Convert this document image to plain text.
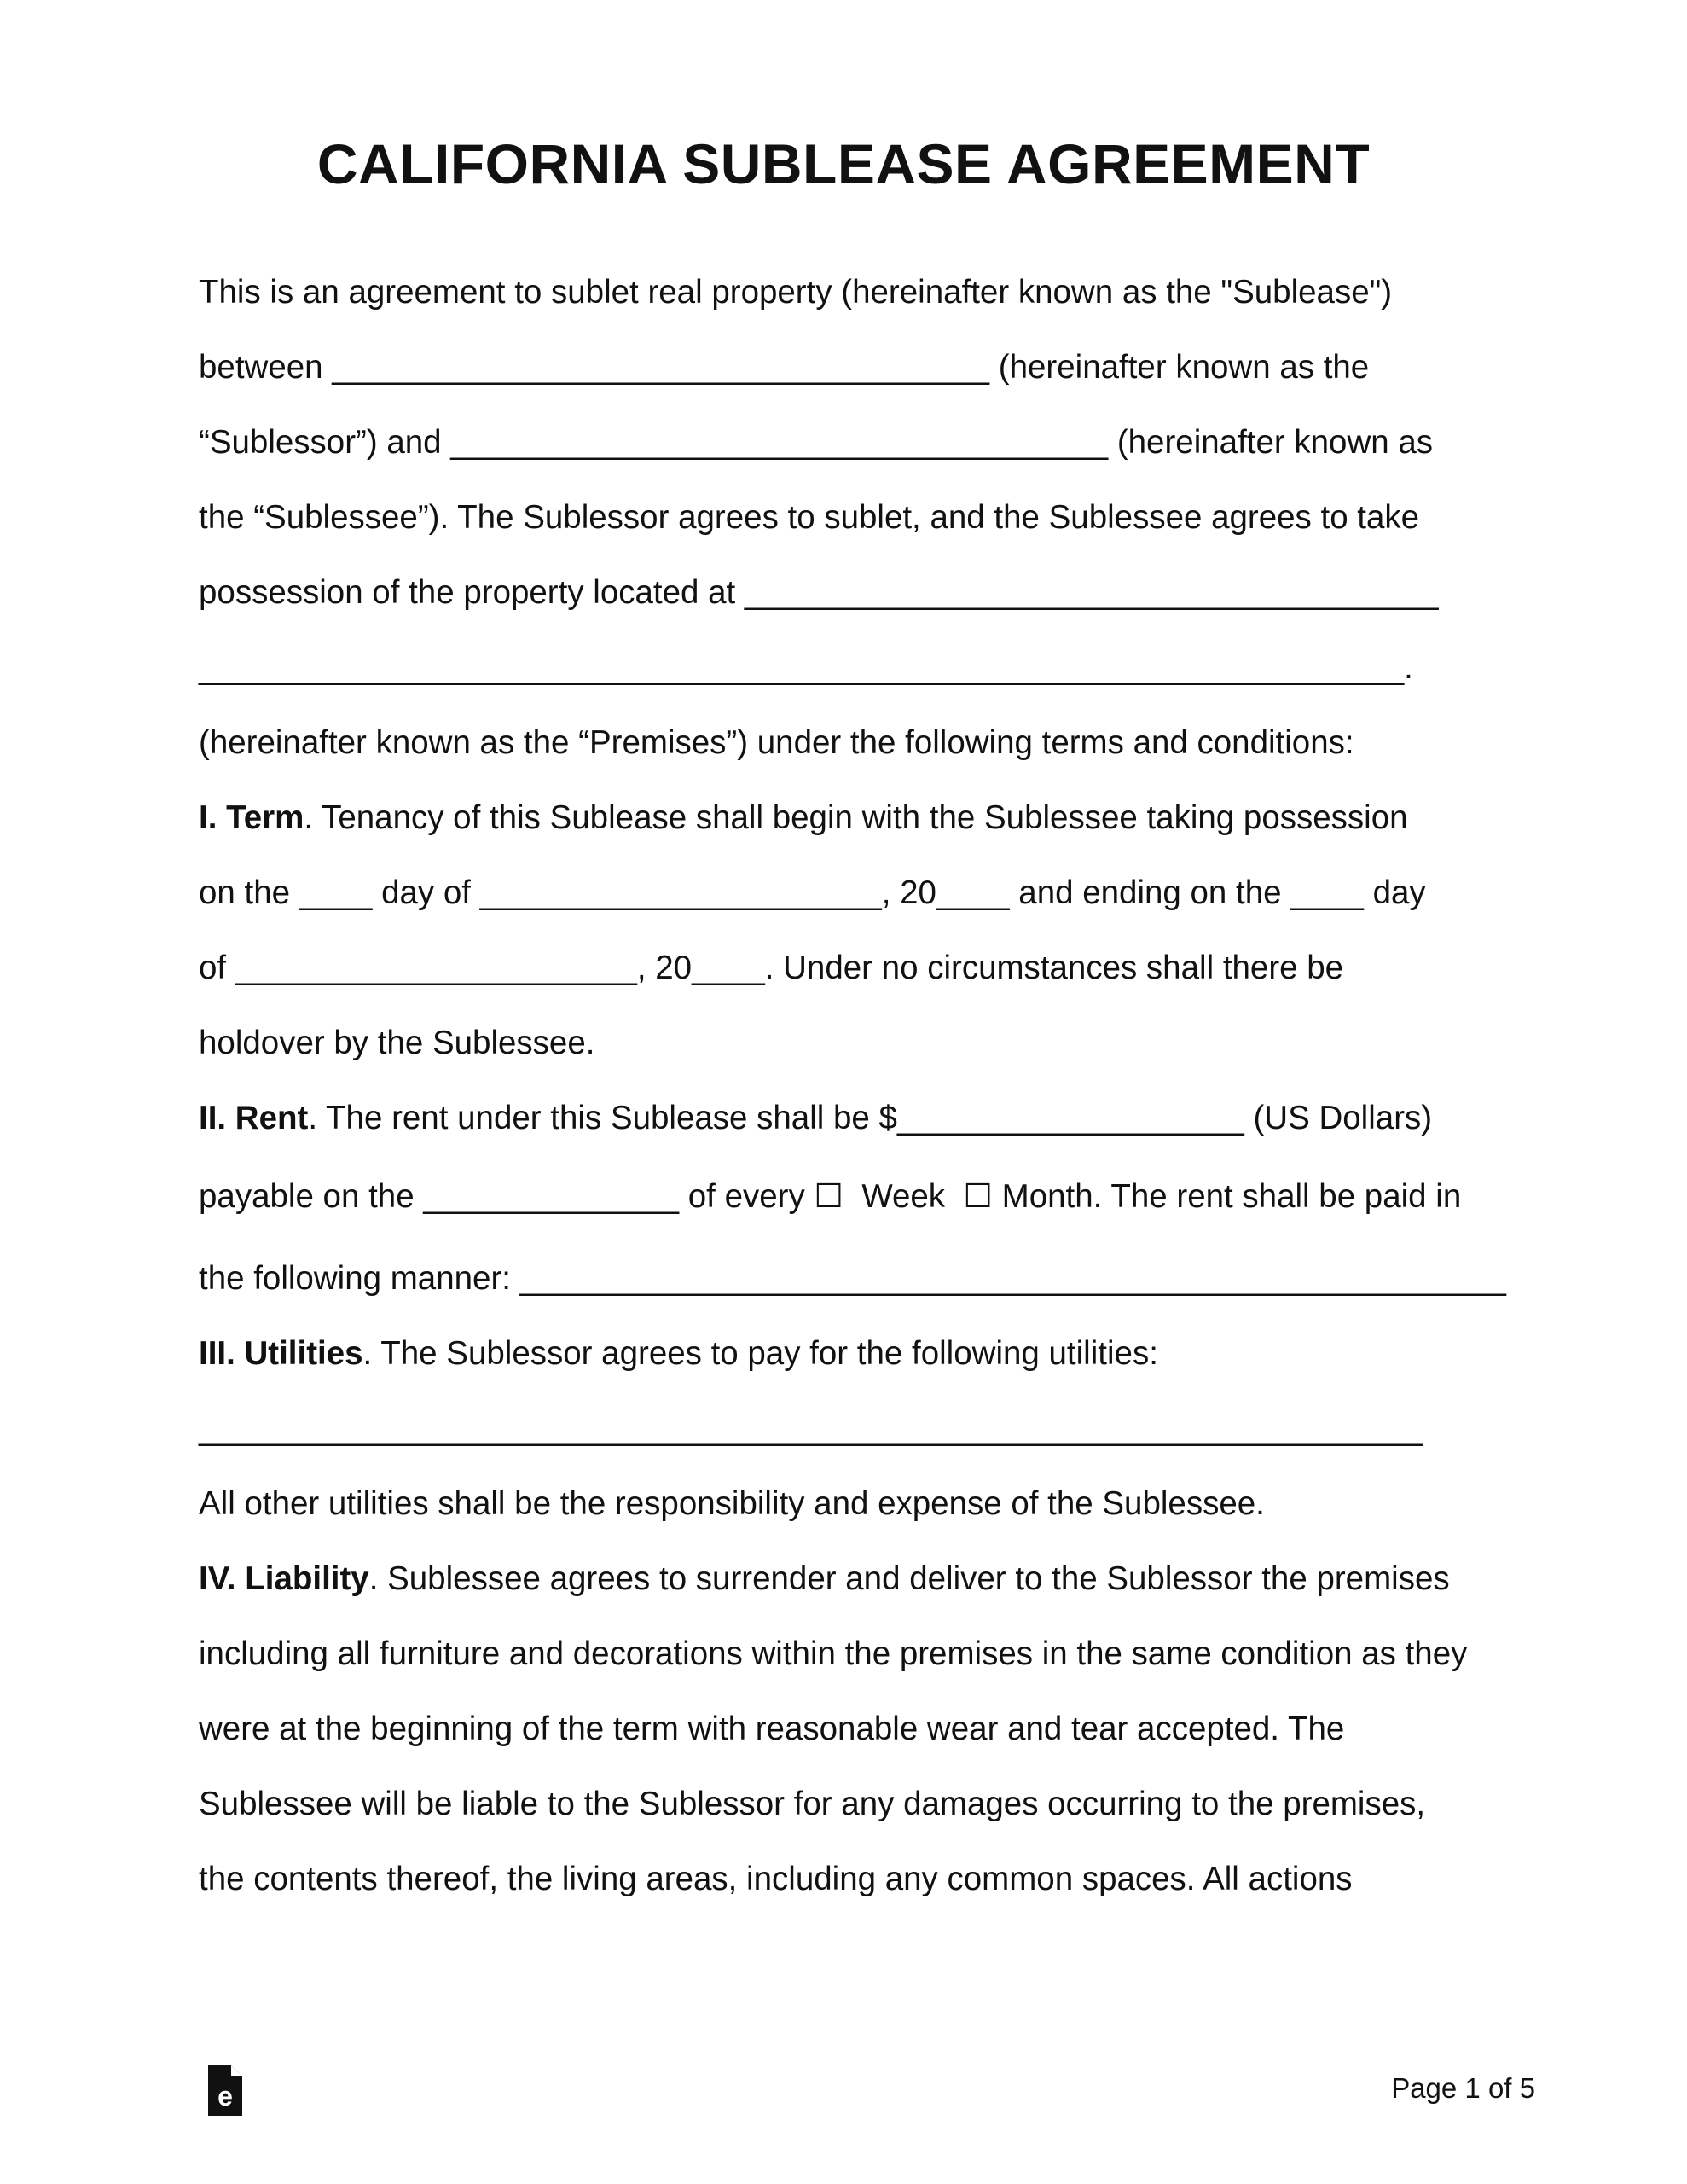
CALIFORNIA SUBLEASE AGREEMENT
This is an agreement to sublet real property (hereinafter known as the "Sublease")
between ____________________________________ (hereinafter known as the
“Sublessor”) and ____________________________________ (hereinafter known as
the “Sublessee”). The Sublessor agrees to sublet, and the Sublessee agrees to take
possession of the property located at ______________________________________
__________________________________________________________________.
(hereinafter known as the “Premises”) under the following terms and conditions:
I. Term. Tenancy of this Sublease shall begin with the Sublessee taking possession
on the ____ day of ______________________, 20____ and ending on the ____ day
of ______________________, 20____. Under no circumstances shall there be
holdover by the Sublessee.
II. Rent. The rent under this Sublease shall be $___________________ (US Dollars)
payable on the ______________ of every ☐  Week  ☐ Month. The rent shall be paid in
the following manner: ______________________________________________________
III. Utilities. The Sublessor agrees to pay for the following utilities:
___________________________________________________________________
All other utilities shall be the responsibility and expense of the Sublessee.
IV. Liability. Sublessee agrees to surrender and deliver to the Sublessor the premises
including all furniture and decorations within the premises in the same condition as they
were at the beginning of the term with reasonable wear and tear accepted. The
Sublessee will be liable to the Sublessor for any damages occurring to the premises,
the contents thereof, the living areas, including any common spaces. All actions
e	Page 1 of 5
